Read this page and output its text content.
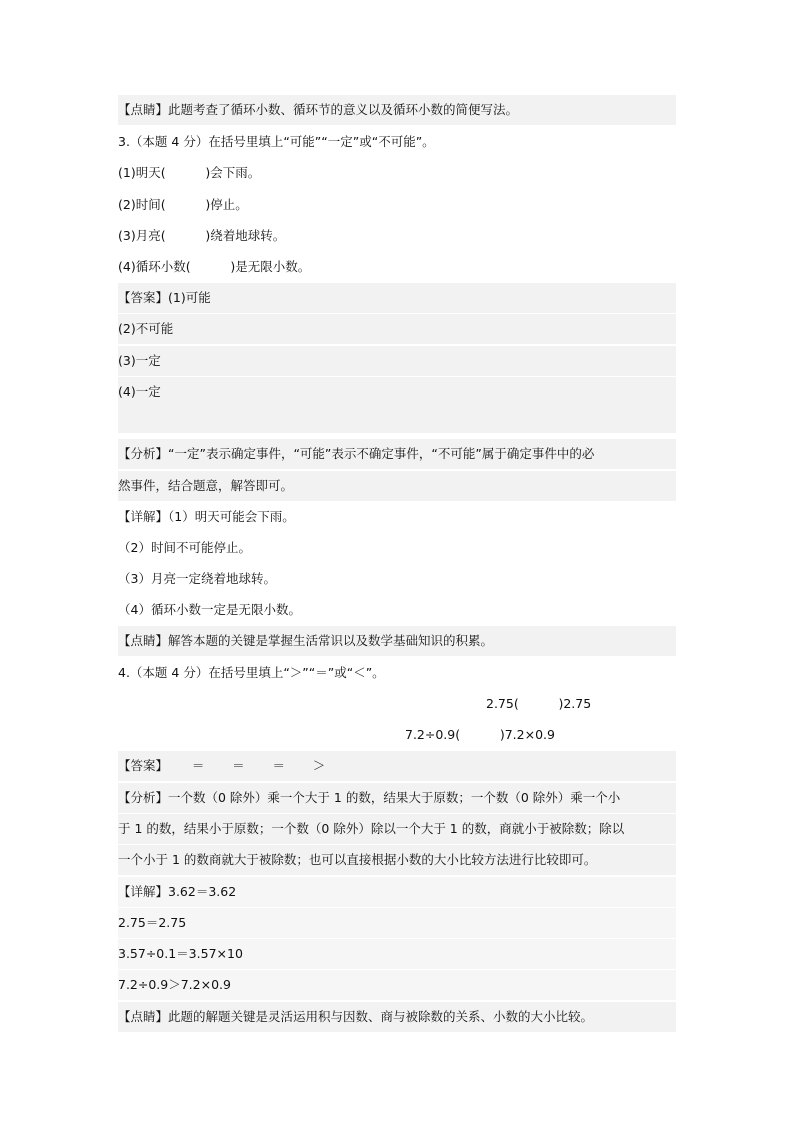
【点睛】此题考查了循环小数、循环节的意义以及循环小数的简便写法。
3.（本题 4 分）在括号里填上“可能”“一定”或“不可能”。
(1)明天(          )会下雨。
(2)时间(          )停止。
(3)月亮(          )绕着地球转。
(4)循环小数(          )是无限小数。
【答案】(1)可能
(2)不可能
(3)一定
(4)一定
【分析】“一定”表示确定事件，“可能”表示不确定事件，“不可能”属于确定事件中的必
然事件，结合题意，解答即可。
【详解】（1）明天可能会下雨。
（2）时间不可能停止。
（3）月亮一定绕着地球转。
（4）循环小数一定是无限小数。
【点睛】解答本题的关键是掌握生活常识以及数学基础知识的积累。
4.（本题 4 分）在括号里填上“＞”“＝”或“＜”。

2.75(          )2.75

7.2÷0.9(          )7.2×0.9

【答案】      ＝       ＝       ＝       ＞
【分析】一个数（0 除外）乘一个大于 1 的数，结果大于原数；一个数（0 除外）乘一个小
于 1 的数，结果小于原数；一个数（0 除外）除以一个大于 1 的数，商就小于被除数；除以
一个小于 1 的数商就大于被除数；也可以直接根据小数的大小比较方法进行比较即可。
【详解】3.62＝3.62
2.75＝2.75
3.57÷0.1＝3.57×10
7.2÷0.9＞7.2×0.9
【点睛】此题的解题关键是灵活运用积与因数、商与被除数的关系、小数的大小比较。
